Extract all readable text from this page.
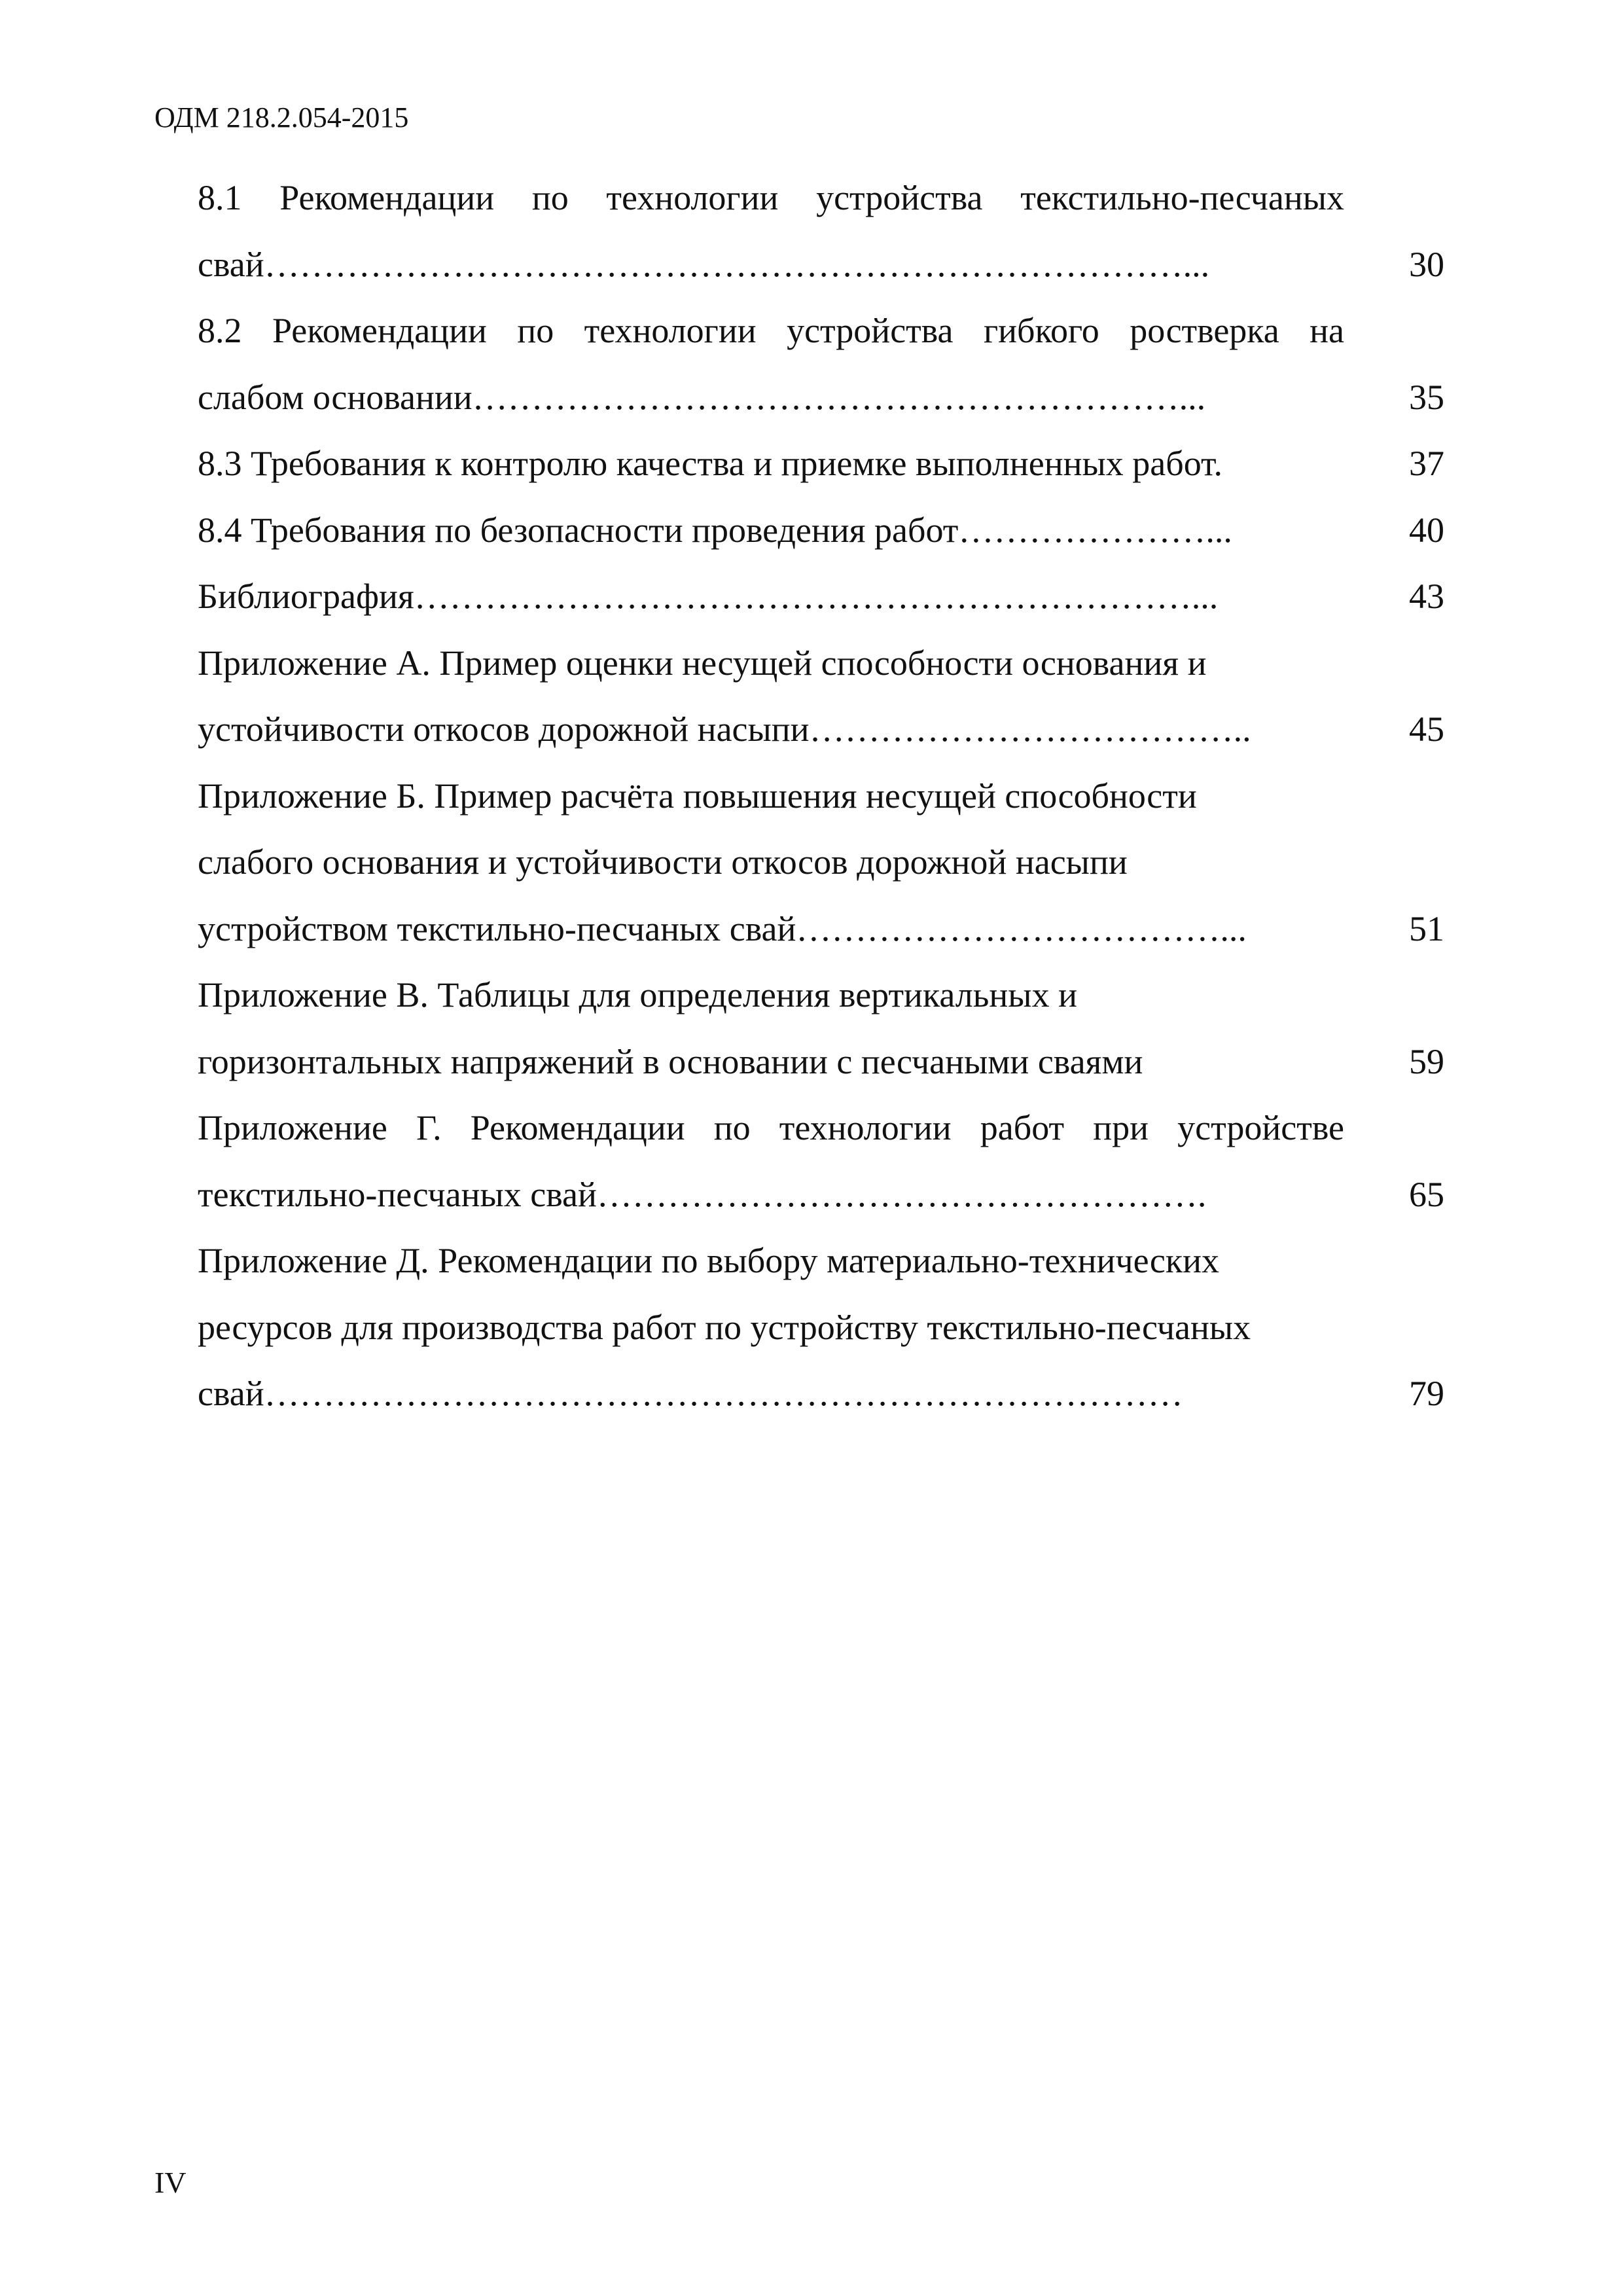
ОДМ 218.2.054-2015
8.1 Рекомендации по технологии устройства текстильно-песчаных
свай……………………………………………………………………...	30
8.2 Рекомендации по технологии устройства гибкого ростверка на
слабом основании……………………………………………………...	35
8.3 Требования к контролю качества и приемке выполненных работ.	37
8.4 Требования по безопасности проведения работ…………………...	40
Библиография…………………………………………………………...	43
Приложение А. Пример оценки несущей способности основания и
устойчивости откосов дорожной насыпи………………………………..	45
Приложение Б. Пример расчёта повышения несущей способности
слабого основания и устойчивости откосов дорожной насыпи
устройством текстильно-песчаных свай………………………………...	51
Приложение В. Таблицы для определения вертикальных и
горизонтальных напряжений в основании с песчаными сваями	59
Приложение Г. Рекомендации по технологии работ при устройстве
текстильно-песчаных свай…………………………………………….	65
Приложение Д. Рекомендации по выбору материально-технических
ресурсов для производства работ по устройству текстильно-песчаных
свай……………………………………………………………………	79
IV
